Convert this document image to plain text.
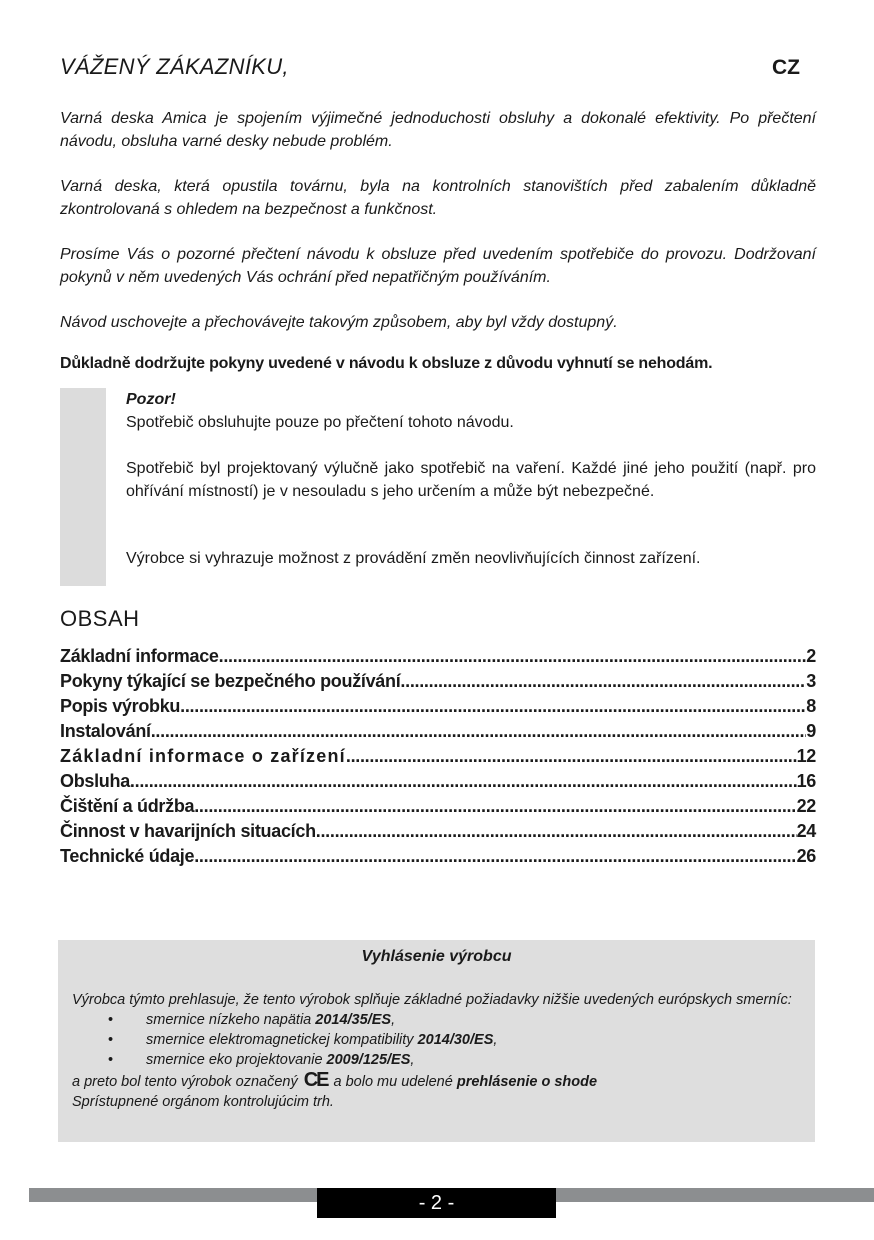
VÁŽENÝ ZÁKAZNÍKU,	CZ
Varná deska Amica je spojením výjimečné jednoduchosti obsluhy a dokonalé efektivity. Po přečtení návodu, obsluha varné desky nebude problém.
Varná deska, která opustila továrnu, byla na kontrolních stanovištích před zabalením důkladně zkontrolovaná s ohledem na bezpečnost a funkčnost.
Prosíme Vás o pozorné přečtení návodu k obsluze před uvedením spotřebiče do provozu. Dodržovaní pokynů v něm uvedených Vás ochrání před nepatřičným používáním.
Návod uschovejte a přechovávejte takovým způsobem, aby byl vždy dostupný.
Důkladně dodržujte pokyny uvedené v návodu k obsluze z důvodu vyhnutí se nehodám.
Pozor!
Spotřebič obsluhujte pouze po přečtení tohoto návodu.
Spotřebič byl projektovaný výlučně jako spotřebič na vaření. Každé jiné jeho použití (např. pro ohřívání místností) je v nesouladu s jeho určením a může být nebezpečné.
Výrobce si vyhrazuje možnost z provádění změn neovlivňujících činnost zařízení.
OBSAH
Základní informace .....	2
Pokyny týkající se bezpečného používání .....	3
Popis výrobku .....	8
Instalování .....	9
Základní informace o zařízení .....	12
Obsluha .....	16
Čištění a údržba .....	22
Činnost v havarijních situacích .....	24
Technické údaje .....	26
Vyhlásenie výrobcu
Výrobca týmto prehlasuje, že tento výrobok splňuje základné požiadavky nižšie uvedených európskych smerníc:
• smernice nízkeho napätia 2014/35/ES,
• smernice elektromagnetickej kompatibility 2014/30/ES,
• smernice eko projektovanie 2009/125/ES,
a preto bol tento výrobok označený CE a bolo mu udelené prehlásenie o shode
Sprístupnené orgánom kontrolujúcim trh.
- 2 -
